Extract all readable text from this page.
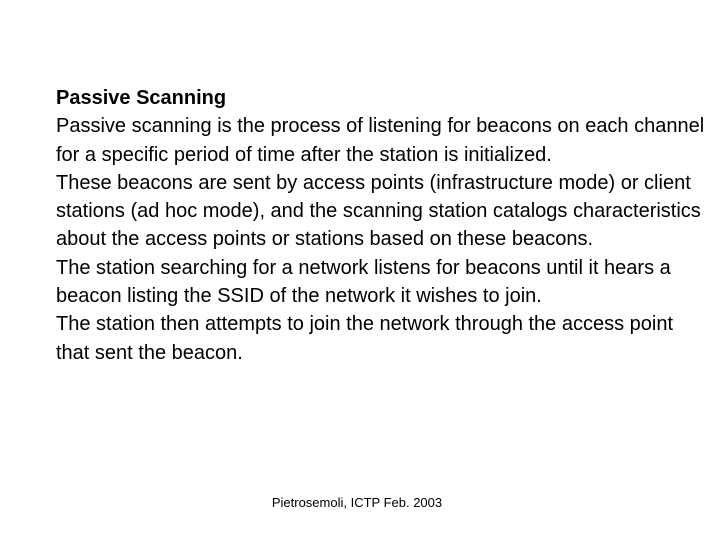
Passive Scanning

Passive scanning is the process of listening for beacons on each channel for a specific period of time after the station is initialized.

These beacons are sent by access points (infrastructure mode) or client stations (ad hoc mode), and the scanning station catalogs characteristics about the access points or stations based on these beacons.

The station searching for a network listens for beacons until it hears a beacon listing the SSID of the network it wishes to join.

The station then attempts to join the network through the access point that sent the beacon.

Pietrosemoli, ICTP Feb. 2003
